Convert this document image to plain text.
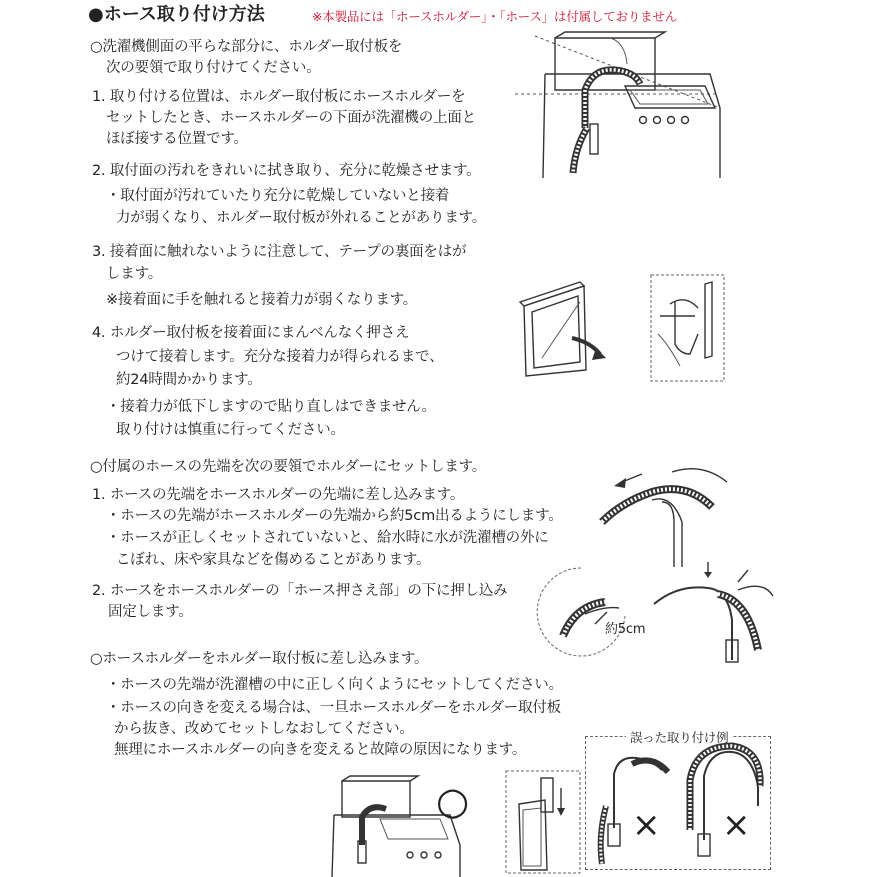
●ホース取り付け方法	※本製品には「ホースホルダー」・「ホース」は付属しておりません
○洗濯機側面の平らな部分に、ホルダー取付板を
次の要領で取り付けてください。
1. 取り付ける位置は、ホルダー取付板にホースホルダーを
セットしたとき、ホースホルダーの下面が洗濯機の上面と
ほぼ接する位置です。
2. 取付面の汚れをきれいに拭き取り、充分に乾燥させます。
・取付面が汚れていたり充分に乾燥していないと接着
力が弱くなり、ホルダー取付板が外れることがあります。
3. 接着面に触れないように注意して、テープの裏面をはが
します。
※接着面に手を触れると接着力が弱くなります。
4. ホルダー取付板を接着面にまんべんなく押さえ
つけて接着します。充分な接着力が得られるまで、
約24時間かかります。
・接着力が低下しますので貼り直しはできません。
取り付けは慎重に行ってください。
○付属のホースの先端を次の要領でホルダーにセットします。
1. ホースの先端をホースホルダーの先端に差し込みます。
・ホースの先端がホースホルダーの先端から約5cm出るようにします。
・ホースが正しくセットされていないと、給水時に水が洗濯槽の外に
こぼれ、床や家具などを傷めることがあります。
2. ホースをホースホルダーの「ホース押さえ部」の下に押し込み
固定します。
○ホースホルダーをホルダー取付板に差し込みます。
・ホースの先端が洗濯槽の中に正しく向くようにセットしてください。
・ホースの向きを変える場合は、一旦ホースホルダーをホルダー取付板
から抜き、改めてセットしなおしてください。
無理にホースホルダーの向きを変えると故障の原因になります。
約5cm
○
誤った取り付け例
× ×
